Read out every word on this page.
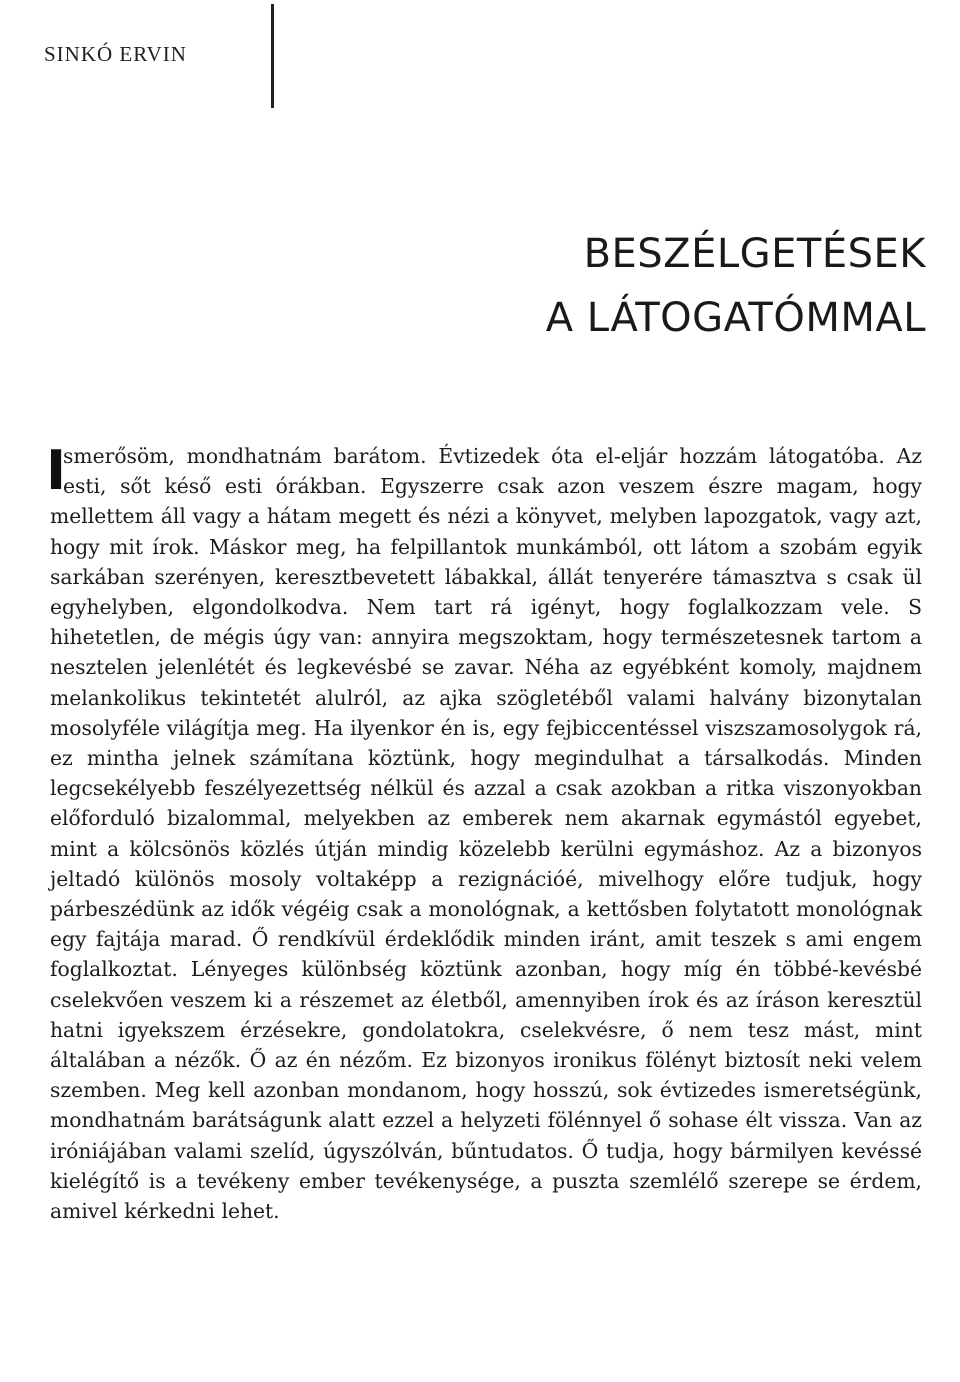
SINKÓ ERVIN
BESZÉLGETÉSEK
A LÁTOGATÓMMAL

I
smerősöm, mondhatnám barátom. Évtizedek óta el-eljár hozzám látogatóba. Az esti, sőt késő esti órákban. Egyszerre csak azon veszem észre magam, hogy mellettem áll vagy a hátam megett és nézi a könyvet, melyben lapozgatok, vagy azt, hogy mit írok. Máskor meg, ha felpillantok munkámból, ott látom a szobám egyik sarkában szerényen, keresztbevetett lábakkal, állát tenyerére támasztva s csak ül egyhelyben, elgondolkodva. Nem tart rá igényt, hogy foglalkozzam vele. S hihetetlen, de mégis úgy van: annyira megszoktam, hogy természetesnek tartom a nesztelen jelenlétét és legkevésbé se zavar. Néha az egyébként komoly, majdnem melankolikus tekintetét alulról, az ajka szögletéből valami halvány bizonytalan mosolyféle világítja meg. Ha ilyenkor én is, egy fejbiccentéssel viszszamosolygok rá, ez mintha jelnek számítana köztünk, hogy megindulhat a társalkodás. Minden legcsekélyebb feszélyezettség nélkül és azzal a csak azokban a ritka viszonyokban előforduló bizalommal, melyekben az emberek nem akarnak egymástól egyebet, mint a kölcsönös közlés útján mindig közelebb kerülni egymáshoz. Az a bizonyos jeltadó különös mosoly voltaképp a rezignációé, mivelhogy előre tudjuk, hogy párbeszédünk az idők végéig csak a monológnak, a kettősben folytatott monológnak egy fajtája marad. Ő rendkívül érdeklődik minden iránt, amit teszek s ami engem foglalkoztat. Lényeges különbség köztünk azonban, hogy míg én többé-kevésbé cselekvően veszem ki a részemet az életből, amennyiben írok és az íráson keresztül hatni igyekszem érzésekre, gondolatokra, cselekvésre, ő nem tesz mást, mint általában a nézők. Ő az én nézőm. Ez bizonyos ironikus fölényt biztosít neki velem szemben. Meg kell azonban mondanom, hogy hosszú, sok évtizedes ismeretségünk, mondhatnám barátságunk alatt ezzel a helyzeti fölénnyel ő sohase élt vissza. Van az iróniájában valami szelíd, úgyszólván, bűntudatos. Ő tudja, hogy bármilyen kevéssé kielégítő is a tevékeny ember tevékenysége, a puszta szemlélő szerepe se érdem, amivel kérkedni lehet.
